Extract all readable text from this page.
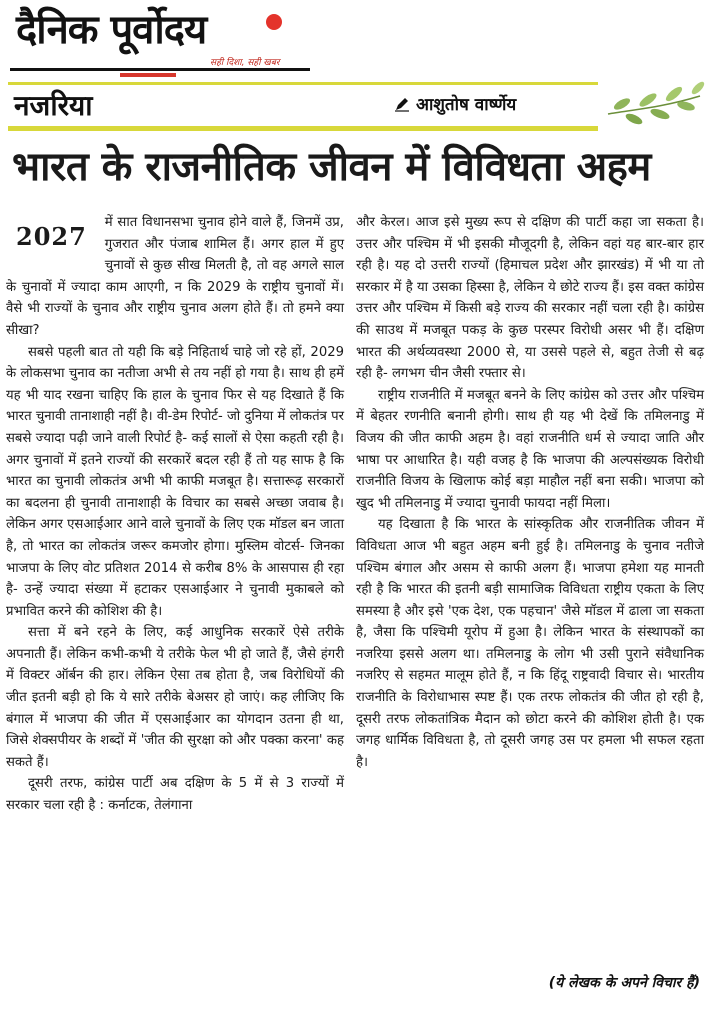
दैनिक पूर्वोदय
सही दिशा, सही खबर
नजरिया	आशुतोष वार्ष्णेय
भारत के राजनीतिक जीवन में विविधता अहम
2027	में सात विधानसभा चुनाव होने वाले हैं, जिनमें उप्र, गुजरात और पंजाब शामिल हैं। अगर हाल में हुए चुनावों से कुछ सीख मिलती है, तो वह अगले साल के चुनावों में ज्यादा काम आएगी, न कि 2029 के राष्ट्रीय चुनावों में। वैसे भी राज्यों के चुनाव और राष्ट्रीय चुनाव अलग होते हैं। तो हमने क्या सीखा?

सबसे पहली बात तो यही कि बड़े निहितार्थ चाहे जो रहे हों, 2029 के लोकसभा चुनाव का नतीजा अभी से तय नहीं हो गया है। साथ ही हमें यह भी याद रखना चाहिए कि हाल के चुनाव फिर से यह दिखाते हैं कि भारत चुनावी तानाशाही नहीं है। वी-डेम रिपोर्ट- जो दुनिया में लोकतंत्र पर सबसे ज्यादा पढ़ी जाने वाली रिपोर्ट है- कई सालों से ऐसा कहती रही है। अगर चुनावों में इतने राज्यों की सरकारें बदल रही हैं तो यह साफ है कि भारत का चुनावी लोकतंत्र अभी भी काफी मजबूत है। सत्तारूढ़ सरकारों का बदलना ही चुनावी तानाशाही के विचार का सबसे अच्छा जवाब है। लेकिन अगर एसआईआर आने वाले चुनावों के लिए एक मॉडल बन जाता है, तो भारत का लोकतंत्र जरूर कमजोर होगा। मुस्लिम वोटर्स- जिनका भाजपा के लिए वोट प्रतिशत 2014 से करीब 8% के आसपास ही रहा है- उन्हें ज्यादा संख्या में हटाकर एसआईआर ने चुनावी मुकाबले को प्रभावित करने की कोशिश की है।

सत्ता में बने रहने के लिए, कई आधुनिक सरकारें ऐसे तरीके अपनाती हैं। लेकिन कभी-कभी ये तरीके फेल भी हो जाते हैं, जैसे हंगरी में विक्टर ऑर्बन की हार। लेकिन ऐसा तब होता है, जब विरोधियों की जीत इतनी बड़ी हो कि ये सारे तरीके बेअसर हो जाएं। कह लीजिए कि बंगाल में भाजपा की जीत में एसआईआर का योगदान उतना ही था, जिसे शेक्सपीयर के शब्दों में 'जीत की सुरक्षा को और पक्का करना' कह सकते हैं।

दूसरी तरफ, कांग्रेस पार्टी अब दक्षिण के 5 में से 3 राज्यों में सरकार चला रही है : कर्नाटक, तेलंगाना

और केरल। आज इसे मुख्य रूप से दक्षिण की पार्टी कहा जा सकता है। उत्तर और पश्चिम में भी इसकी मौजूदगी है, लेकिन वहां यह बार-बार हार रही है। यह दो उत्तरी राज्यों (हिमाचल प्रदेश और झारखंड) में भी या तो सरकार में है या उसका हिस्सा है, लेकिन ये छोटे राज्य हैं। इस वक्त कांग्रेस उत्तर और पश्चिम में किसी बड़े राज्य की सरकार नहीं चला रही है। कांग्रेस की साउथ में मजबूत पकड़ के कुछ परस्पर विरोधी असर भी हैं। दक्षिण भारत की अर्थव्यवस्था 2000 से, या उससे पहले से, बहुत तेजी से बढ़ रही है- लगभग चीन जैसी रफ्तार से।

राष्ट्रीय राजनीति में मजबूत बनने के लिए कांग्रेस को उत्तर और पश्चिम में बेहतर रणनीति बनानी होगी। साथ ही यह भी देखें कि तमिलनाडु में विजय की जीत काफी अहम है। वहां राजनीति धर्म से ज्यादा जाति और भाषा पर आधारित है। यही वजह है कि भाजपा की अल्पसंख्यक विरोधी राजनीति विजय के खिलाफ कोई बड़ा माहौल नहीं बना सकी। भाजपा को खुद भी तमिलनाडु में ज्यादा चुनावी फायदा नहीं मिला।

यह दिखाता है कि भारत के सांस्कृतिक और राजनीतिक जीवन में विविधता आज भी बहुत अहम बनी हुई है। तमिलनाडु के चुनाव नतीजे पश्चिम बंगाल और असम से काफी अलग हैं। भाजपा हमेशा यह मानती रही है कि भारत की इतनी बड़ी सामाजिक विविधता राष्ट्रीय एकता के लिए समस्या है और इसे 'एक देश, एक पहचान' जैसे मॉडल में ढाला जा सकता है, जैसा कि पश्चिमी यूरोप में हुआ है। लेकिन भारत के संस्थापकों का नजरिया इससे अलग था। तमिलनाडु के लोग भी उसी पुराने संवैधानिक नजरिए से सहमत मालूम होते हैं, न कि हिंदू राष्ट्रवादी विचार से। भारतीय राजनीति के विरोधाभास स्पष्ट हैं। एक तरफ लोकतंत्र की जीत हो रही है, दूसरी तरफ लोकतांत्रिक मैदान को छोटा करने की कोशिश होती है। एक जगह धार्मिक विविधता है, तो दूसरी जगह उस पर हमला भी सफल रहता है।

(ये लेखक के अपने विचार हैं)
